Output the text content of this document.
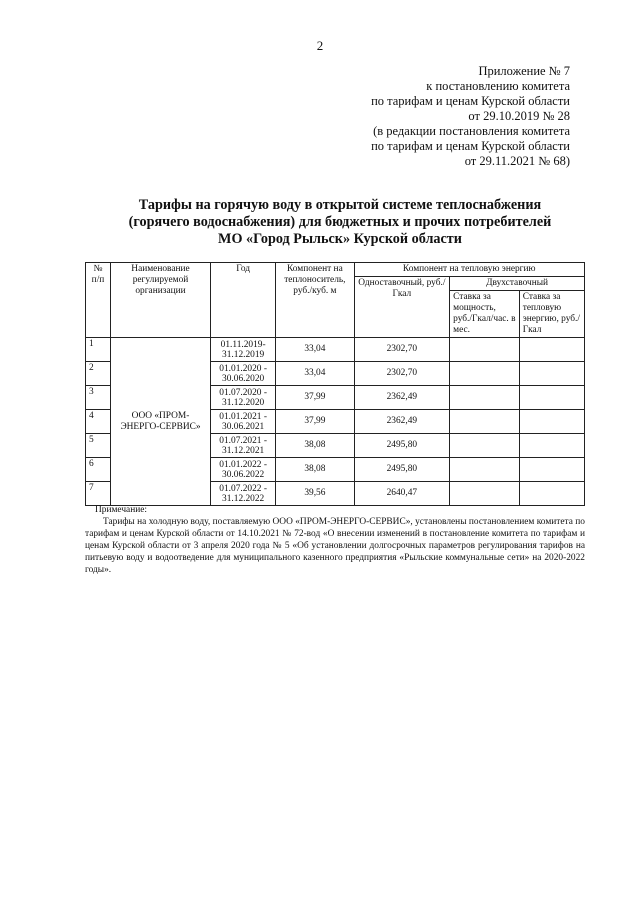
2
Приложение № 7
к постановлению комитета
по тарифам и ценам Курской области
от 29.10.2019 № 28
(в редакции постановления комитета
по тарифам и ценам Курской области
от 29.11.2021 № 68)
Тарифы на горячую воду в открытой системе теплоснабжения
(горячего водоснабжения) для бюджетных и прочих потребителей
МО «Город Рыльск» Курской области
№ п/п	Наименование регулируемой организации	Год	Компонент на теплоноситель, руб./куб. м	Компонент на тепловую энергию		
				Одноставочный, руб./Гкал	Двухставочный	
					Ставка за мощность, руб./Гкал/час. в мес.	Ставка за тепловую энергию, руб./Гкал
1	ООО «ПРОМ-ЭНЕРГО-СЕРВИС»	01.11.2019-31.12.2019	33,04	2302,70		
2		01.01.2020 - 30.06.2020	33,04	2302,70		
3		01.07.2020 - 31.12.2020	37,99	2362,49		
4		01.01.2021 - 30.06.2021	37,99	2362,49		
5		01.07.2021 - 31.12.2021	38,08	2495,80		
6		01.01.2022 - 30.06.2022	38,08	2495,80		
7		01.07.2022 - 31.12.2022	39,56	2640,47		
Примечание:
Тарифы на холодную воду, поставляемую ООО «ПРОМ-ЭНЕРГО-СЕРВИС», установлены постановлением комитета по тарифам и ценам Курской области от 14.10.2021 № 72-вод «О внесении изменений в постановление комитета по тарифам и ценам Курской области от 3 апреля 2020 года № 5 «Об установлении долгосрочных параметров регулирования тарифов на питьевую воду и водоотведение для муниципального казенного предприятия «Рыльские коммунальные сети» на 2020-2022 годы».
